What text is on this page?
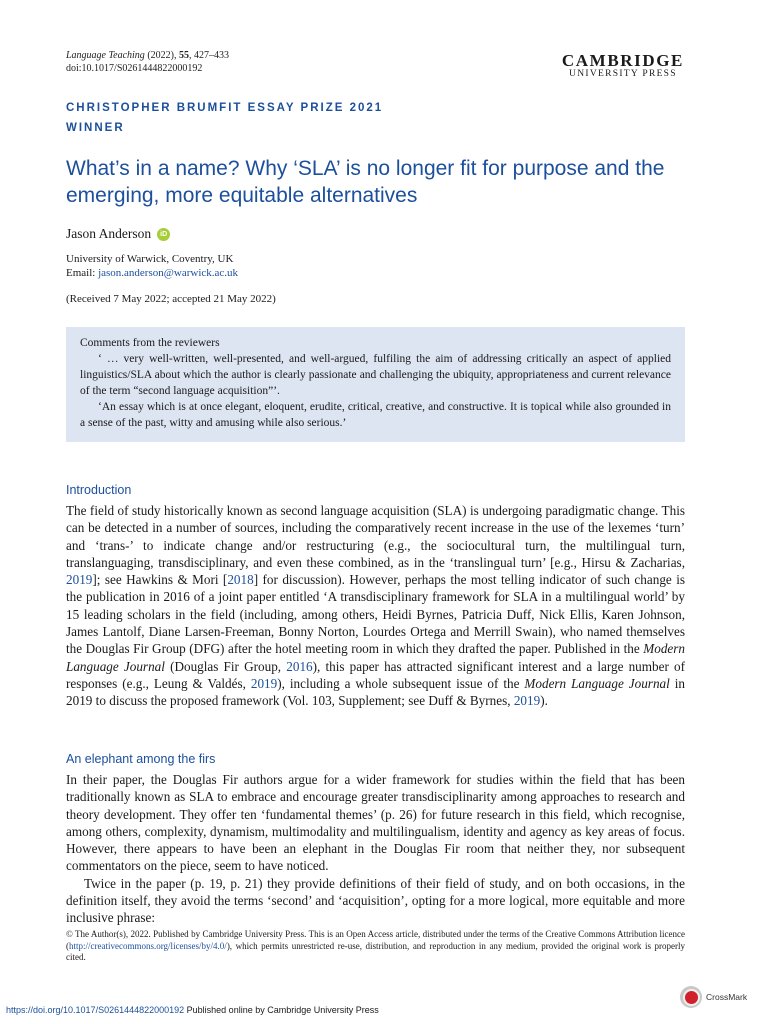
Language Teaching (2022), 55, 427–433
doi:10.1017/S0261444822000192	CAMBRIDGE
UNIVERSITY PRESS
CHRISTOPHER BRUMFIT ESSAY PRIZE 2021
WINNER
What’s in a name? Why ‘SLA’ is no longer fit for purpose and the emerging, more equitable alternatives
Jason Anderson	iD
University of Warwick, Coventry, UK
Email: jason.anderson@warwick.ac.uk
(Received 7 May 2022; accepted 21 May 2022)

Comments from the reviewers

‘ … very well-written, well-presented, and well-argued, fulfiling the aim of addressing critically an aspect of applied linguistics/SLA about which the author is clearly passionate and challenging the ubiquity, appropriateness and current relevance of the term “second language acquisition”’.

‘An essay which is at once elegant, eloquent, erudite, critical, creative, and constructive. It is topical while also grounded in a sense of the past, witty and amusing while also serious.’

Introduction

The field of study historically known as second language acquisition (SLA) is undergoing paradigmatic change. This can be detected in a number of sources, including the comparatively recent increase in the use of the lexemes ‘turn’ and ‘trans-’ to indicate change and/or restructuring (e.g., the sociocultural turn, the multilingual turn, translanguaging, transdisciplinary, and even these combined, as in the ‘translingual turn’ [e.g., Hirsu & Zacharias, 2019]; see Hawkins & Mori [2018] for discussion). However, perhaps the most telling indicator of such change is the publication in 2016 of a joint paper entitled ‘A transdisciplinary framework for SLA in a multilingual world’ by 15 leading scholars in the field (including, among others, Heidi Byrnes, Patricia Duff, Nick Ellis, Karen Johnson, James Lantolf, Diane Larsen-Freeman, Bonny Norton, Lourdes Ortega and Merrill Swain), who named themselves the Douglas Fir Group (DFG) after the hotel meeting room in which they drafted the paper. Published in the Modern Language Journal (Douglas Fir Group, 2016), this paper has attracted significant interest and a large number of responses (e.g., Leung & Valdés, 2019), including a whole subsequent issue of the Modern Language Journal in 2019 to discuss the proposed framework (Vol. 103, Supplement; see Duff & Byrnes, 2019).

An elephant among the firs

In their paper, the Douglas Fir authors argue for a wider framework for studies within the field that has been traditionally known as SLA to embrace and encourage greater transdisciplinarity among approaches to research and theory development. They offer ten ‘fundamental themes’ (p. 26) for future research in this field, which recognise, among others, complexity, dynamism, multimodality and multilingualism, identity and agency as key areas of focus. However, there appears to have been an elephant in the Douglas Fir room that neither they, nor subsequent commentators on the piece, seem to have noticed.

Twice in the paper (p. 19, p. 21) they provide definitions of their field of study, and on both occasions, in the definition itself, they avoid the terms ‘second’ and ‘acquisition’, opting for a more logical, more equitable and more inclusive phrase:

© The Author(s), 2022. Published by Cambridge University Press. This is an Open Access article, distributed under the terms of the Creative Commons Attribution licence (http://creativecommons.org/licenses/by/4.0/), which permits unrestricted re-use, distribution, and reproduction in any medium, provided the original work is properly cited.
https://doi.org/10.1017/S0261444822000192 Published online by Cambridge University Press
CrossMark
